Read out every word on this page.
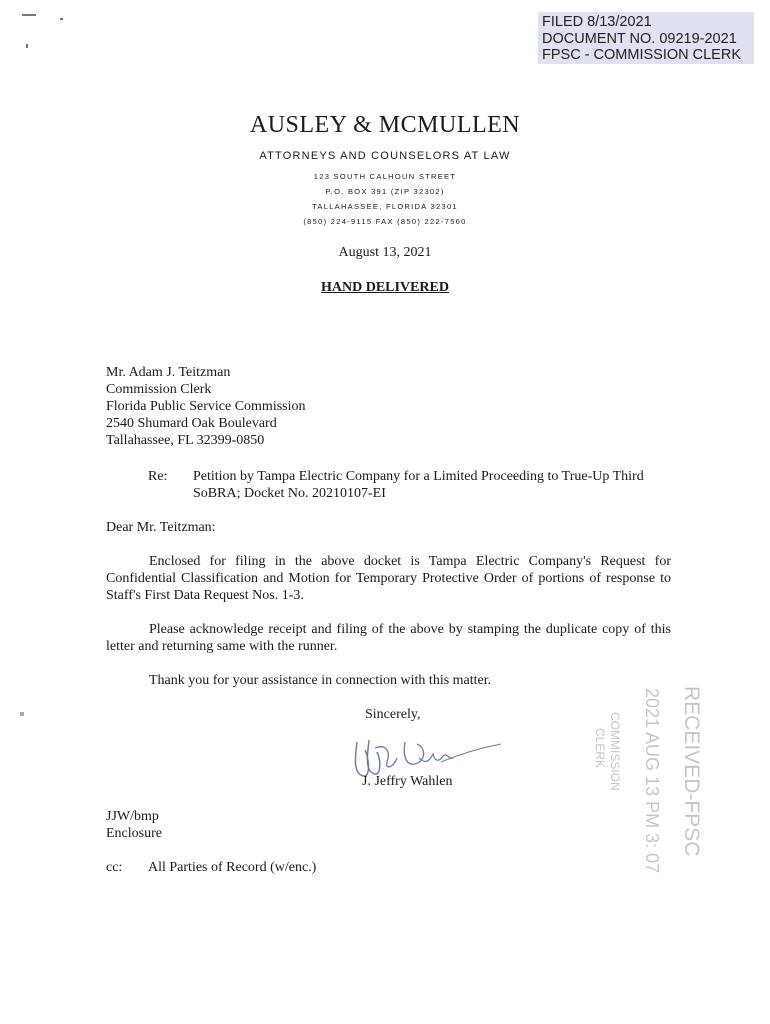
FILED 8/13/2021
DOCUMENT NO. 09219-2021
FPSC - COMMISSION CLERK
AUSLEY & MCMULLEN
ATTORNEYS AND COUNSELORS AT LAW
123 SOUTH CALHOUN STREET
P.O. BOX 391 (ZIP 32302)
TALLAHASSEE, FLORIDA 32301
(850) 224-9115 FAX (850) 222-7560
August 13, 2021
HAND DELIVERED
Mr. Adam J. Teitzman
Commission Clerk
Florida Public Service Commission
2540 Shumard Oak Boulevard
Tallahassee, FL 32399-0850
Re: Petition by Tampa Electric Company for a Limited Proceeding to True-Up Third
SoBRA; Docket No. 20210107-EI
Dear Mr. Teitzman:
Enclosed for filing in the above docket is Tampa Electric Company's Request for Confidential Classification and Motion for Temporary Protective Order of portions of response to Staff's First Data Request Nos. 1-3.
Please acknowledge receipt and filing of the above by stamping the duplicate copy of this letter and returning same with the runner.
Thank you for your assistance in connection with this matter.
Sincerely,
J. Jeffry Wahlen
JJW/bmp
Enclosure
cc: All Parties of Record (w/enc.)
RECEIVED-FPSC
2021 AUG 13 PM 3: 07
COMMISSION
CLERK
